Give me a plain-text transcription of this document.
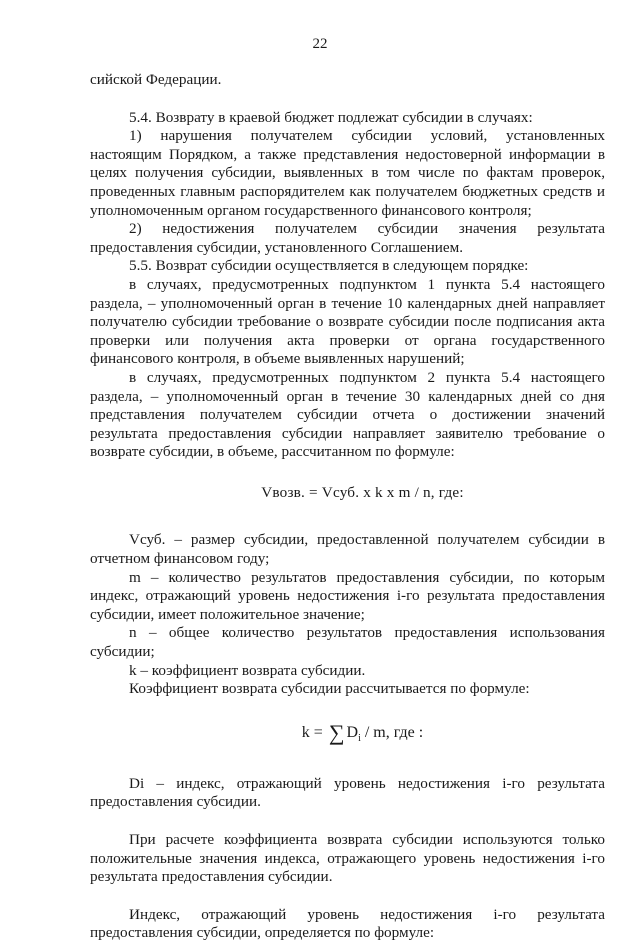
22

сийской Федерации.

5.4. Возврату в краевой бюджет подлежат субсидии в случаях:

1) нарушения получателем субсидии условий, установленных настоящим Порядком, а также представления недостоверной информации в целях получения субсидии, выявленных в том числе по фактам проверок, проведенных главным распорядителем как получателем бюджетных средств и уполномоченным органом государственного финансового контроля;

2) недостижения получателем субсидии значения результата предоставления субсидии, установленного Соглашением.

5.5. Возврат субсидии осуществляется в следующем порядке:

в случаях, предусмотренных подпунктом 1 пункта 5.4 настоящего раздела, – уполномоченный орган в течение 10 календарных дней направляет получателю субсидии требование о возврате субсидии после подписания акта проверки или получения акта проверки от органа государственного финансового контроля, в объеме выявленных нарушений;

в случаях, предусмотренных подпунктом 2 пункта 5.4 настоящего раздела, – уполномоченный орган в течение 30 календарных дней со дня представления получателем субсидии отчета о достижении значений результата предоставления субсидии направляет заявителю требование о возврате субсидии, в объеме, рассчитанном по формуле:

Vвозв. = Vсуб. x k x m / n, где:

Vсуб. – размер субсидии, предоставленной получателем субсидии в отчетном финансовом году;

m – количество результатов предоставления субсидии, по которым индекс, отражающий уровень недостижения i-го результата предоставления субсидии, имеет положительное значение;

n – общее количество результатов предоставления использования субсидии;

k – коэффициент возврата субсидии.

Коэффициент возврата субсидии рассчитывается по формуле:

k = ∑ $D_i$ / m, где :

Di – индекс, отражающий уровень недостижения i-го результата предоставления субсидии.

При расчете коэффициента возврата субсидии используются только положительные значения индекса, отражающего уровень недостижения i-го результата предоставления субсидии.

Индекс, отражающий уровень недостижения i-го результата предоставления субсидии, определяется по формуле:
